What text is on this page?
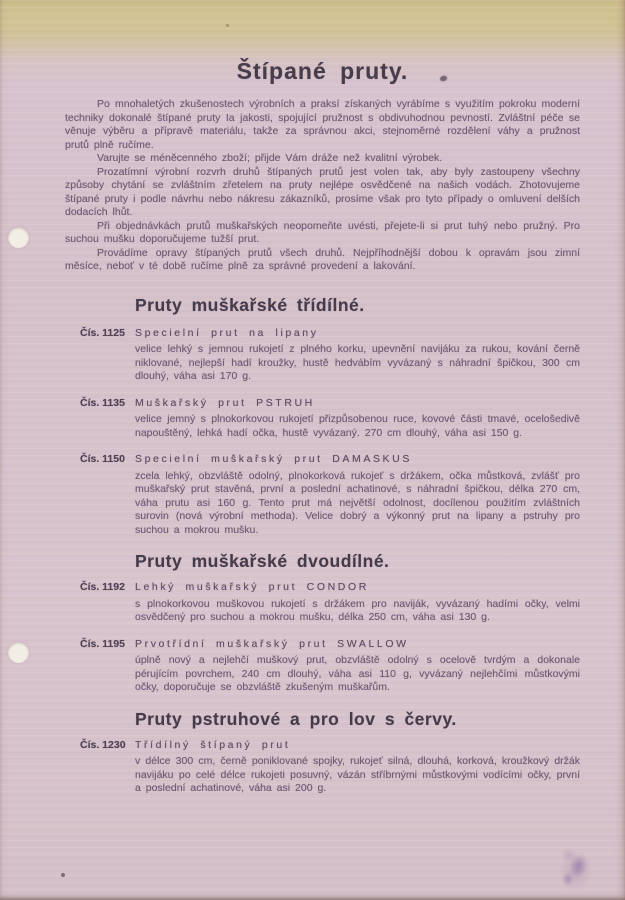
Štípané pruty.

Po mnohaletých zkušenostech výrobních a praksí získaných vyrábíme s využitím pokroku moderní techniky dokonalé štípané pruty Ia jakosti, spojující pružnost s obdivuhodnou pevností. Zvláštní péče se věnuje výběru a přípravě materiálu, takže za správnou akci, stejnoměrné rozdělení váhy a pružnost prutů plně ručíme.

Varujte se méněcenného zboží; přijde Vám dráže než kvalitní výrobek.

Prozatímní výrobní rozvrh druhů štípaných prutů jest volen tak, aby byly zastoupeny všechny způsoby chytání se zvláštním zřetelem na pruty nejlépe osvědčené na našich vodách. Zhotovujeme štípané pruty i podle návrhu nebo nákresu zákazníků, prosíme však pro tyto případy o omluvení delších dodacích lhůt.

Při objednávkách prutů muškařských neopomeňte uvésti, přejete-li si prut tuhý nebo pružný. Pro suchou mušku doporučujeme tužší prut.

Provádíme opravy štípaných prutů všech druhů. Nejpříhodnější dobou k opravám jsou zimní měsíce, neboť v té době ručíme plně za správné provedení a lakování.

Pruty muškařské třídílné.
Čís. 1125 Specielní prut na lipany

velice lehký s jemnou rukojetí z plného korku, upevnění navijáku za rukou, kování černě niklované, nejlepší hadí kroužky, hustě hedvábím vyvázaný s náhradní špičkou, 300 cm dlouhý, váha asi 170 g.

Čís. 1135 Muškařský prut PSTRUH

velice jemný s plnokorkovou rukojetí přizpůsobenou ruce, kovové části tmavé, ocelošedivě napouštěný, lehká hadí očka, hustě vyvázaný. 270 cm dlouhý, váha asi 150 g.

Čís. 1150 Specielní muškařský prut DAMASKUS

zcela lehký, obzvláště odolný, plnokorková rukojeť s držákem, očka můstková, zvlášť pro muškařský prut stavěná, první a poslední achatinové, s náhradní špičkou, délka 270 cm, váha prutu asi 160 g. Tento prut má největší odolnost, docílenou použitím zvláštních surovin (nová výrobní methoda). Velice dobrý a výkonný prut na lipany a pstruhy pro suchou a mokrou mušku.

Pruty muškařské dvoudílné.
Čís. 1192 Lehký muškařský prut CONDOR

s plnokorkovou muškovou rukojetí s držákem pro naviják, vyvázaný hadími očky, velmi osvědčený pro suchou a mokrou mušku, délka 250 cm, váha asi 130 g.

Čís. 1195 Prvotřídní muškařský prut SWALLOW

úplně nový a nejlehčí muškový prut, obzvláště odolný s ocelově tvrdým a dokonale pérujícím povrchem, 240 cm dlouhý, váha asi 110 g, vyvázaný nejlehčími můstkovými očky, doporučuje se obzvláště zkušeným muškařům.

Pruty pstruhové a pro lov s červy.
Čís. 1230 Třídílný štípaný prut

v délce 300 cm, černě poniklované spojky, rukojeť silná, dlouhá, korková, kroužkový držák navijáku po celé délce rukojeti posuvný, vázán stříbrnými můstkovými vodícími očky, první a poslední achatinové, váha asi 200 g.
